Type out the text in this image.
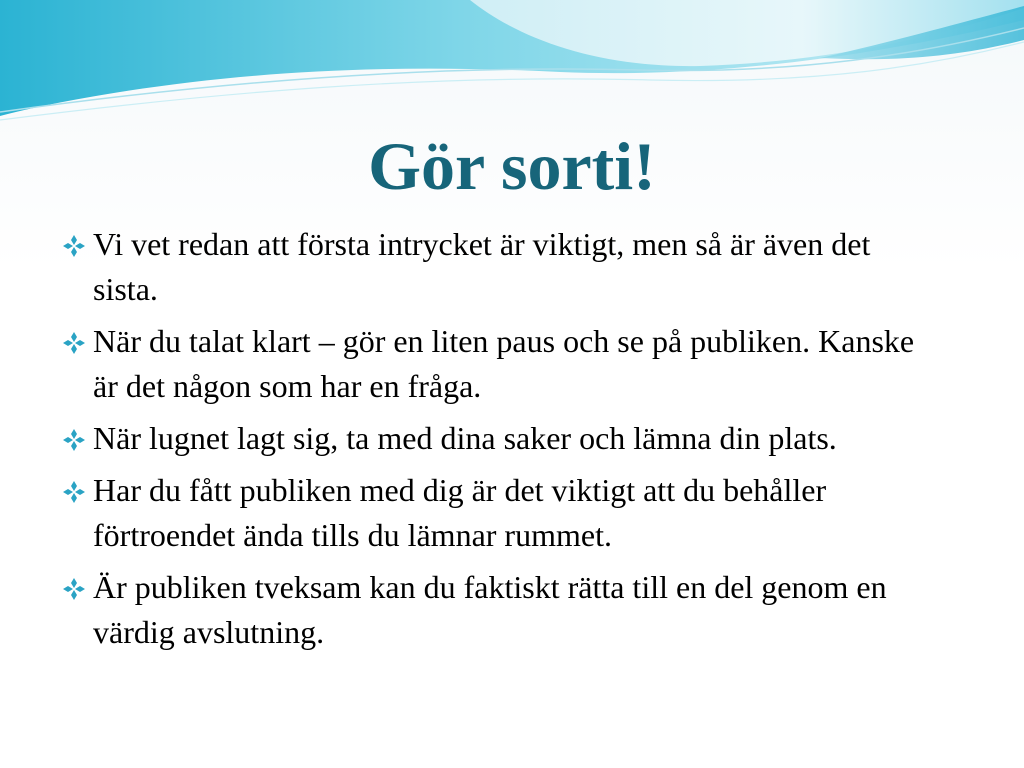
Gör sorti!
Vi vet redan att första intrycket är viktigt, men så är även det sista.
När du talat klart – gör en liten paus och se på publiken. Kanske är det någon som har en fråga.
När lugnet lagt sig, ta med dina saker och lämna din plats.
Har du fått publiken med dig är det viktigt att du behåller förtroendet ända tills du lämnar rummet.
Är publiken tveksam kan du faktiskt rätta till en del genom en värdig avslutning.
